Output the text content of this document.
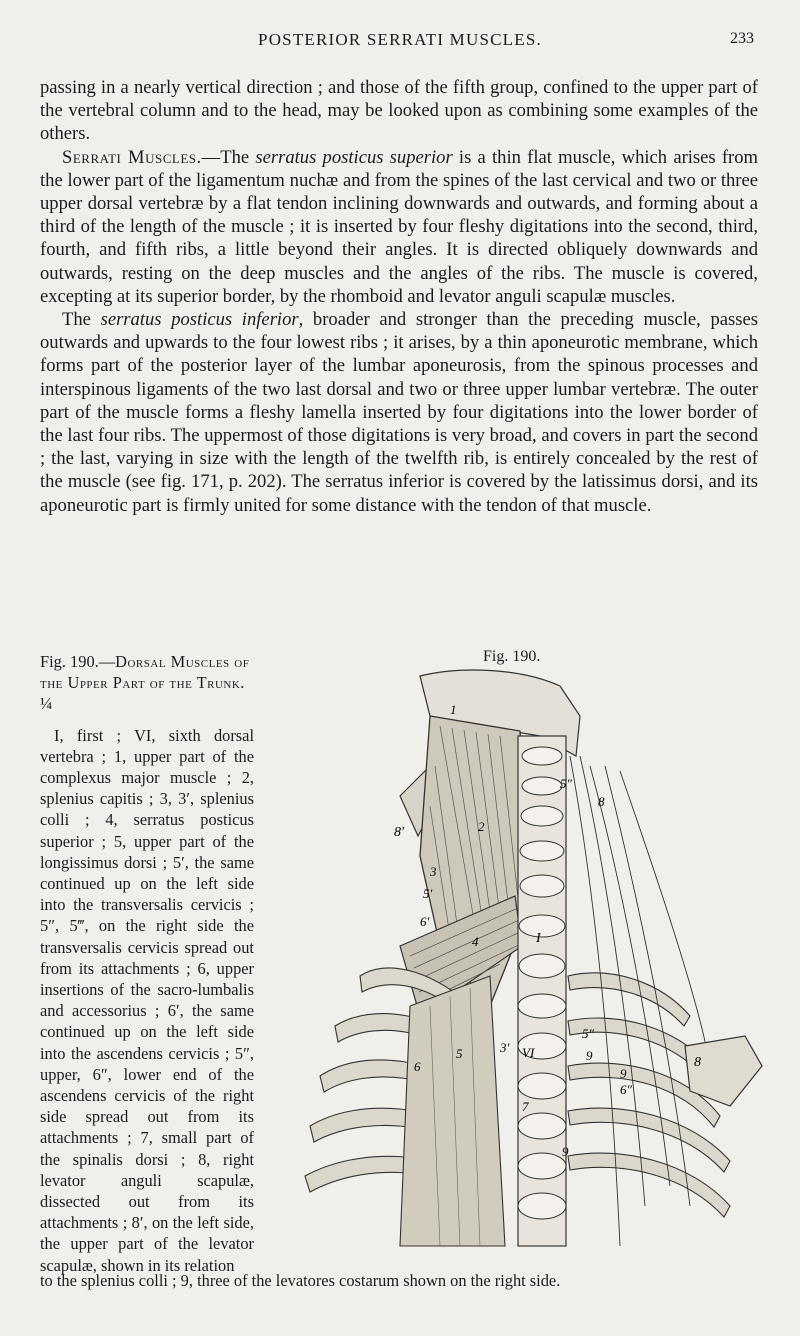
POSTERIOR SERRATI MUSCLES.	233

passing in a nearly vertical direction ; and those of the fifth group, confined to the upper part of the vertebral column and to the head, may be looked upon as combining some examples of the others.

Serrati Muscles.—The serratus posticus superior is a thin flat muscle, which arises from the lower part of the ligamentum nuchæ and from the spines of the last cervical and two or three upper dorsal vertebræ by a flat tendon inclining downwards and outwards, and forming about a third of the length of the muscle ; it is inserted by four fleshy digitations into the second, third, fourth, and fifth ribs, a little beyond their angles. It is directed obliquely downwards and outwards, resting on the deep muscles and the angles of the ribs. The muscle is covered, excepting at its superior border, by the rhomboid and levator anguli scapulæ muscles.

The serratus posticus inferior, broader and stronger than the preceding muscle, passes outwards and upwards to the four lowest ribs ; it arises, by a thin aponeurotic membrane, which forms part of the posterior layer of the lumbar aponeurosis, from the spinous processes and interspinous ligaments of the two last dorsal and two or three upper lumbar vertebræ. The outer part of the muscle forms a fleshy lamella inserted by four digitations into the lower border of the last four ribs. The uppermost of those digitations is very broad, and covers in part the second ; the last, varying in size with the length of the twelfth rib, is entirely concealed by the rest of the muscle (see fig. 171, p. 202). The serratus inferior is covered by the latissimus dorsi, and its aponeurotic part is firmly united for some distance with the tendon of that muscle.

Fig. 190.—Dorsal Muscles of the Upper Part of the Trunk. ¼

I, first ; VI, sixth dorsal vertebra ; 1, upper part of the complexus major muscle ; 2, splenius capitis ; 3, 3′, splenius colli ; 4, serratus posticus superior ; 5, upper part of the longissimus dorsi ; 5′, the same continued up on the left side into the transversalis cervicis ; 5″, 5‴, on the right side the transversalis cervicis spread out from its attachments ; 6, upper insertions of the sacro-lumbalis and accessorius ; 6′, the same continued up on the left side into the ascendens cervicis ; 5″, upper, 6″, lower end of the ascendens cervicis of the right side spread out from its attachments ; 7, small part of the spinalis dorsi ; 8, right levator anguli scapulæ, dissected out from its attachments ; 8′, on the left side, the upper part of the levator scapulæ, shown in its relation

to the splenius colli ; 9, three of the levatores costarum shown on the right side.
Fig. 190.
1
2
3
3′
4
5
5′
5″
5″
6
6′
6″
7
8
8
8′
9
9
9
I
VI
